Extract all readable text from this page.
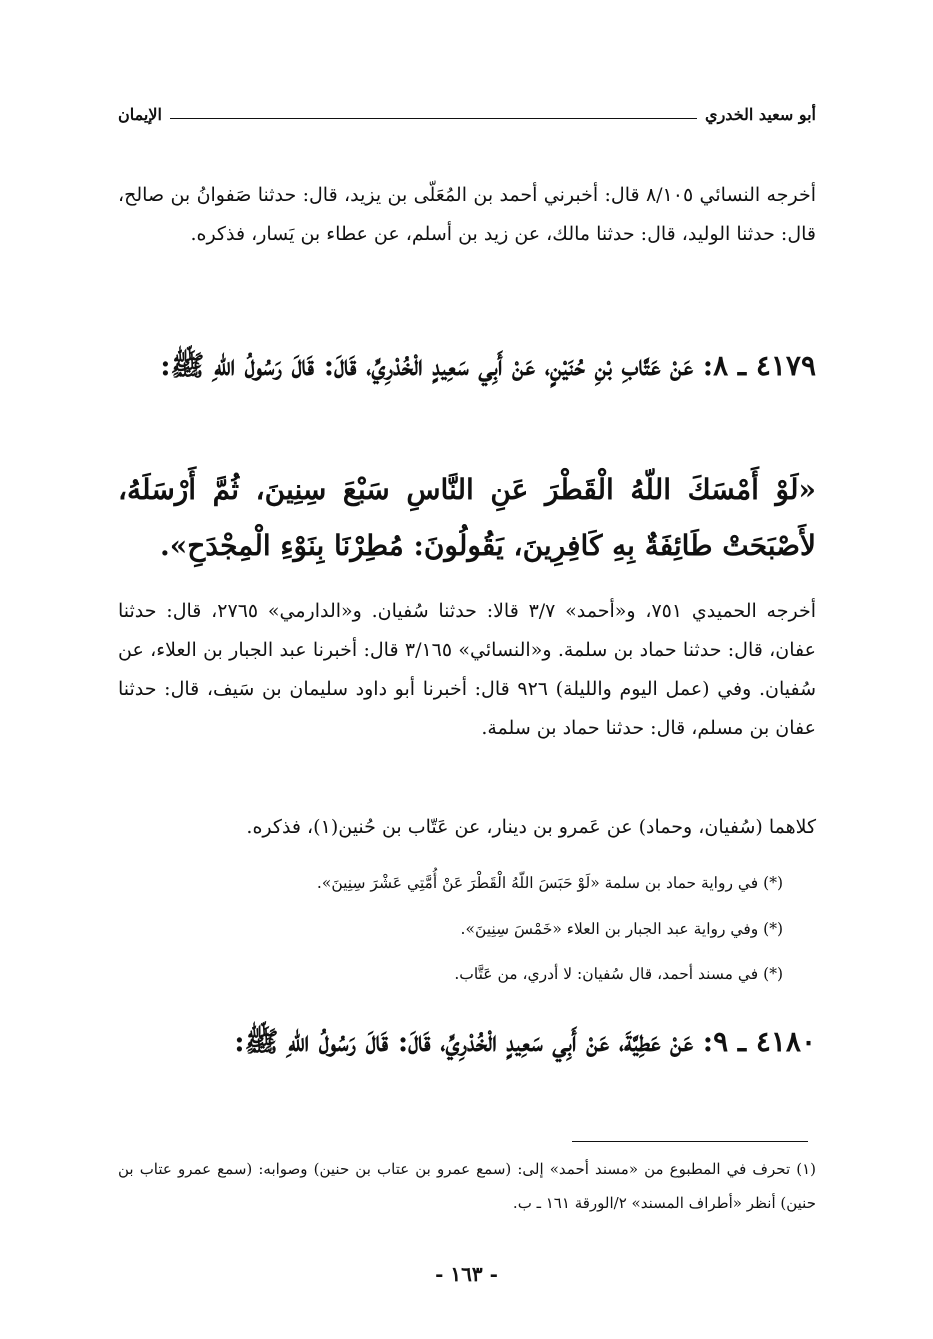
الإيمان	أبو سعيد الخدري
أخرجه النسائي ٨/١٠٥ قال: أخبرني أحمد بن المُعَلّى بن يزيد، قال: حدثنا صَفوانُ بن صالح، قال: حدثنا الوليد، قال: حدثنا مالك، عن زيد بن أسلم، عن عطاء بن يَسار، فذكره.
٤١٧٩ ـ ٨: عَنْ عَتَّابِ بْنِ حُنَيْنٍ، عَنْ أَبِي سَعِيدٍ الْخُدْرِيِّ، قَالَ: قَالَ رَسُولُ اللّهِ ﷺ:
«لَوْ أَمْسَكَ اللّهُ الْقَطْرَ عَنِ النَّاسِ سَبْعَ سِنِينَ، ثُمَّ أَرْسَلَهُ، لأَصْبَحَتْ طَائِفَةٌ بِهِ كَافِرِينَ، يَقُولُونَ: مُطِرْنَا بِنَوْءِ الْمِجْدَحِ».
أخرجه الحميدي ٧٥١، و«أحمد» ٣/٧ قالا: حدثنا سُفيان. و«الدارمي» ٢٧٦٥، قال: حدثنا عفان، قال: حدثنا حماد بن سلمة. و«النسائي» ٣/١٦٥ قال: أخبرنا عبد الجبار بن العلاء، عن سُفيان. وفي (عمل اليوم والليلة) ٩٢٦ قال: أخبرنا أبو داود سليمان بن سَيف، قال: حدثنا عفان بن مسلم، قال: حدثنا حماد بن سلمة.
كلاهما (سُفيان، وحماد) عن عَمرو بن دينار، عن عَتّاب بن حُنين(١)، فذكره.
(*) في رواية حماد بن سلمة «لَوْ حَبَسَ اللّهُ الْقَطْرَ عَنْ أُمَّتِي عَشْرَ سِنِينَ».
(*) وفي رواية عبد الجبار بن العلاء «خَمْسَ سِنِينَ».
(*) في مسند أحمد، قال سُفيان: لا أدري، من عَتَّاب.
٤١٨٠ ـ ٩: عَنْ عَطِيَّةَ، عَنْ أَبِي سَعِيدٍ الْخُدْرِيِّ، قَالَ: قَالَ رَسُولُ اللّهِ ﷺ:
(١) تحرف في المطبوع من «مسند أحمد» إلى: (سمع عمرو بن عتاب بن حنين) وصوابه: (سمع عمرو عتاب بن حنين) أنظر «أطراف المسند» ٢/الورقة ١٦١ ـ ب.
- ١٦٣ -
